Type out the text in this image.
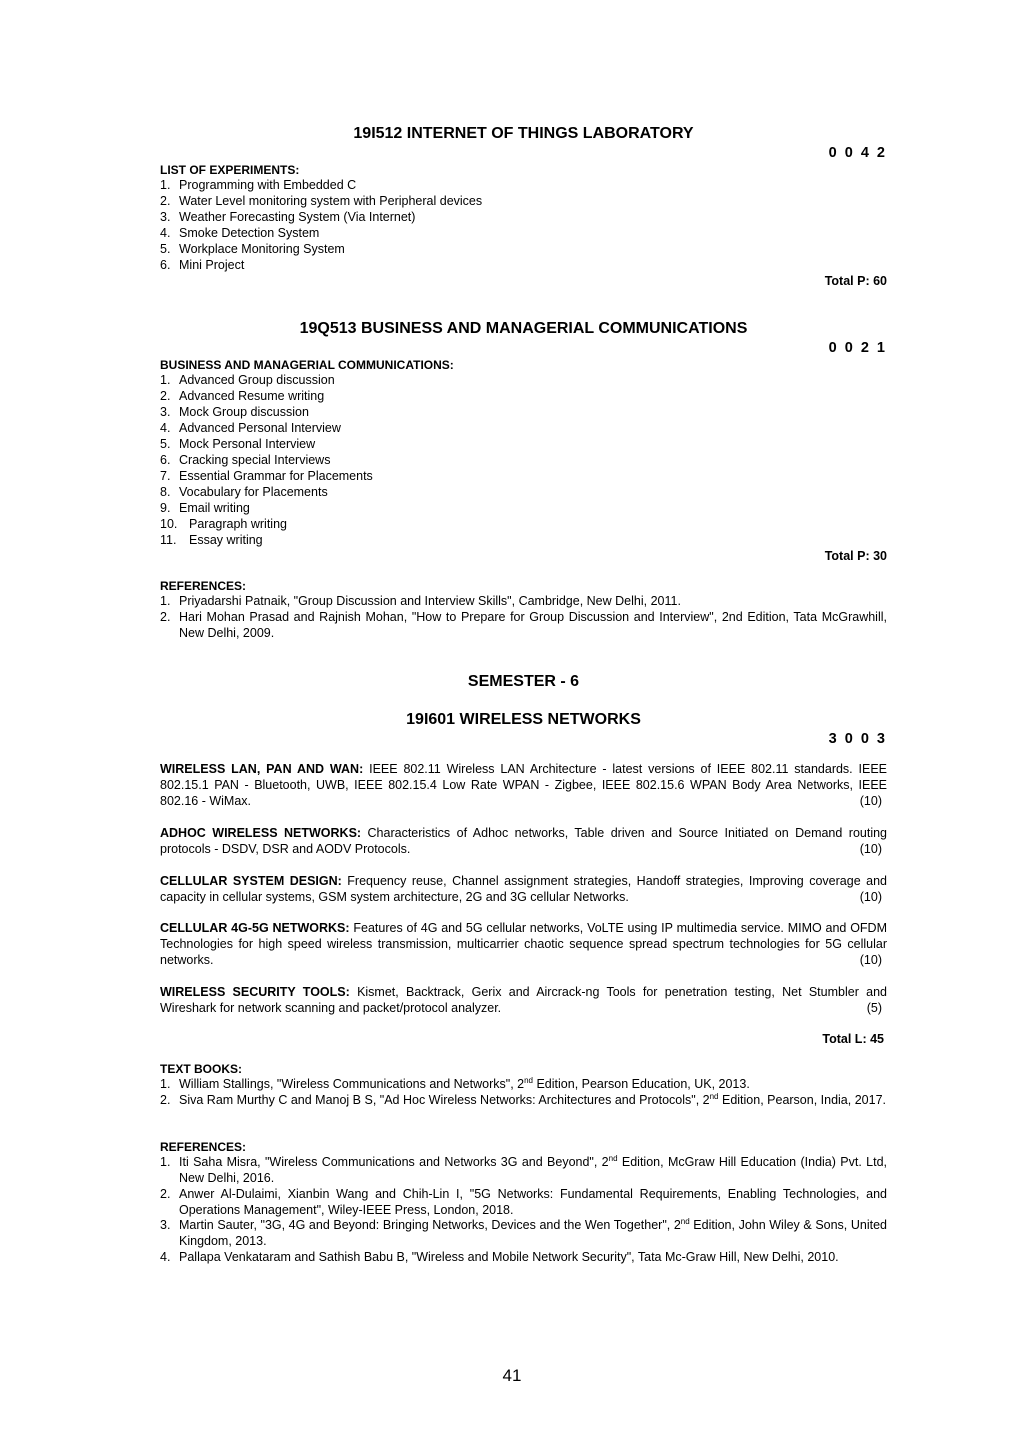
19I512 INTERNET OF THINGS LABORATORY

0 0 4 2

LIST OF EXPERIMENTS:

1. Programming with Embedded C
2. Water Level monitoring system with Peripheral devices
3. Weather Forecasting System (Via Internet)
4. Smoke Detection System
5. Workplace Monitoring System
6. Mini Project

Total P: 60

19Q513 BUSINESS AND MANAGERIAL COMMUNICATIONS

0 0 2 1

BUSINESS AND MANAGERIAL COMMUNICATIONS:

1. Advanced Group discussion
2. Advanced Resume writing
3. Mock Group discussion
4. Advanced Personal Interview
5. Mock Personal Interview
6. Cracking special Interviews
7. Essential Grammar for Placements
8. Vocabulary for Placements
9. Email writing
10. Paragraph writing
11.	Essay writing

Total P: 30

REFERENCES:

1. Priyadarshi Patnaik, "Group Discussion and Interview Skills", Cambridge, New Delhi, 2011.
2. Hari Mohan Prasad and Rajnish Mohan, "How to Prepare for Group Discussion and Interview", 2nd Edition, Tata McGrawhill, New Delhi, 2009.

SEMESTER - 6

19I601 WIRELESS NETWORKS

3 0 0 3

WIRELESS LAN, PAN AND WAN: IEEE 802.11 Wireless LAN Architecture - latest versions of IEEE 802.11 standards. IEEE 802.15.1 PAN - Bluetooth, UWB, IEEE 802.15.4 Low Rate WPAN - Zigbee, IEEE 802.15.6 WPAN Body Area Networks, IEEE 802.16 - WiMax.	(10)

ADHOC WIRELESS NETWORKS: Characteristics of Adhoc networks, Table driven and Source Initiated on Demand routing protocols - DSDV, DSR and AODV Protocols.	(10)

CELLULAR SYSTEM DESIGN: Frequency reuse, Channel assignment strategies, Handoff strategies, Improving coverage and capacity in cellular systems, GSM system architecture, 2G and 3G cellular Networks.	(10)

CELLULAR 4G-5G NETWORKS: Features of 4G and 5G cellular networks, VoLTE using IP multimedia service. MIMO and OFDM Technologies for high speed wireless transmission, multicarrier chaotic sequence spread spectrum technologies for 5G cellular networks.	(10)

WIRELESS SECURITY TOOLS: Kismet, Backtrack, Gerix and Aircrack-ng Tools for penetration testing, Net Stumbler and Wireshark for network scanning and packet/protocol analyzer.	(5)

Total L: 45

TEXT BOOKS:

1. William Stallings, "Wireless Communications and Networks", 2nd Edition, Pearson Education, UK, 2013.
2. Siva Ram Murthy C and Manoj B S, "Ad Hoc Wireless Networks: Architectures and Protocols", 2nd Edition, Pearson, India, 2017.

REFERENCES:

1. Iti Saha Misra, "Wireless Communications and Networks 3G and Beyond", 2nd Edition, McGraw Hill Education (India) Pvt. Ltd, New Delhi, 2016.
2. Anwer Al-Dulaimi, Xianbin Wang and Chih-Lin I, "5G Networks: Fundamental Requirements, Enabling Technologies, and Operations Management", Wiley-IEEE Press, London, 2018.
3. Martin Sauter, "3G, 4G and Beyond: Bringing Networks, Devices and the Wen Together", 2nd Edition, John Wiley & Sons, United Kingdom, 2013.
4. Pallapa Venkataram and Sathish Babu B, "Wireless and Mobile Network Security", Tata Mc-Graw Hill, New Delhi, 2010.
41
